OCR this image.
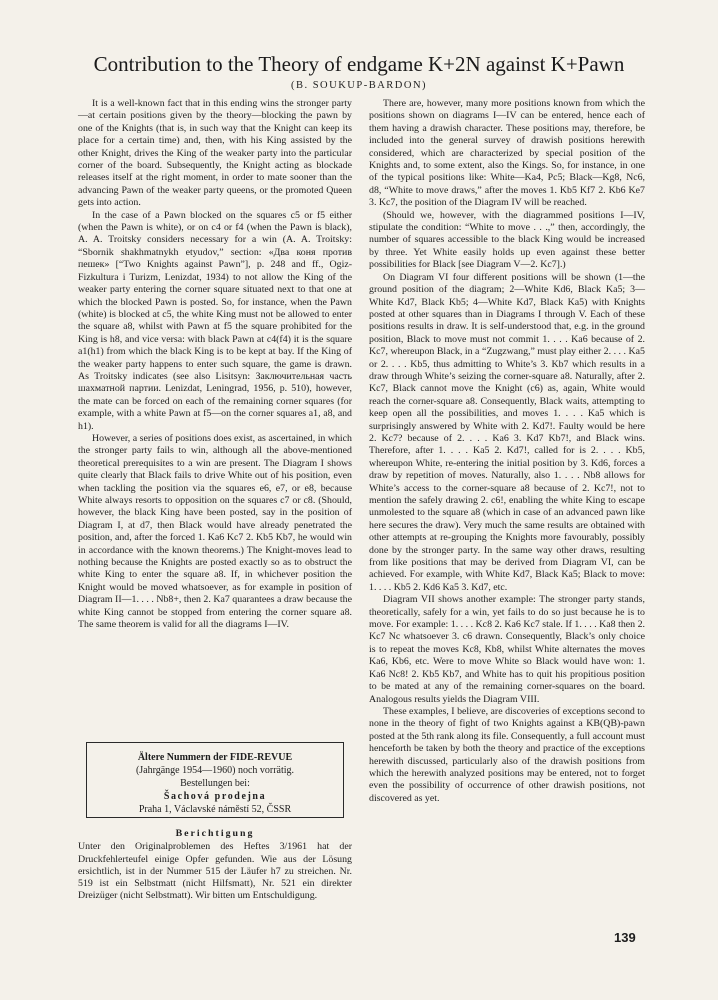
Contribution to the Theory of endgame K+2N against K+Pawn
(B. SOUKUP-BARDON)

It is a well-known fact that in this ending wins the stronger party—at certain positions given by the theory—blocking the pawn by one of the Knights (that is, in such way that the Knight can keep its place for a certain time) and, then, with his King assisted by the other Knight, drives the King of the weaker party into the particular corner of the board. Subsequently, the Knight acting as blockade releases itself at the right moment, in order to mate sooner than the advancing Pawn of the weaker party queens, or the promoted Queen gets into action.

In the case of a Pawn blocked on the squares c5 or f5 either (when the Pawn is white), or on c4 or f4 (when the Pawn is black), A. A. Troitsky considers necessary for a win (A. A. Troitsky: “Sbornik shakhmatnykh etyudov,” section: «Два коня против пешек» [“Two Knights against Pawn”], p. 248 and ff., Ogiz-Fizkultura i Turizm, Lenizdat, 1934) to not allow the King of the weaker party entering the corner square situated next to that one at which the blocked Pawn is posted. So, for instance, when the Pawn (white) is blocked at c5, the white King must not be allowed to enter the square a8, whilst with Pawn at f5 the square prohibited for the King is h8, and vice versa: with black Pawn at c4(f4) it is the square a1(h1) from which the black King is to be kept at bay. If the King of the weaker party happens to enter such square, the game is drawn. As Troitsky indicates (see also Lisitsyn: Заключительная часть шахматной партии. Lenizdat, Leningrad, 1956, p. 510), however, the mate can be forced on each of the remaining corner squares (for example, with a white Pawn at f5—on the corner squares a1, a8, and h1).

However, a series of positions does exist, as ascertained, in which the stronger party fails to win, although all the above-mentioned theoretical prerequisites to a win are present. The Diagram I shows quite clearly that Black fails to drive White out of his position, even when tackling the position via the squares e6, e7, or e8, because White always resorts to opposition on the squares c7 or c8. (Should, however, the black King have been posted, say in the position of Diagram I, at d7, then Black would have already penetrated the position, and, after the forced 1. Ka6 Kc7 2. Kb5 Kb7, he would win in accordance with the known theorems.) The Knight-moves lead to nothing because the Knights are posted exactly so as to obstruct the white King to enter the square a8. If, in whichever position the Knight would be moved whatsoever, as for example in position of Diagram II—1. . . . Nb8+, then 2. Ka7 quarantees a draw because the white King cannot be stopped from entering the corner square a8. The same theorem is valid for all the diagrams I—IV.

Ältere Nummern der FIDE-REVUE
(Jahrgänge 1954—1960) noch vorrätig.
Bestellungen bei:
Šachová prodejna
Praha 1, Václavské náměstí 52, ČSSR
Berichtigung

Unter den Originalproblemen des Heftes 3/1961 hat der Druckfehlerteufel einige Opfer gefunden. Wie aus der Lösung ersichtlich, ist in der Nummer 515 der Läufer h7 zu streichen. Nr. 519 ist ein Selbstmatt (nicht Hilfsmatt), Nr. 521 ein direkter Dreizüger (nicht Selbstmatt). Wir bitten um Entschuldigung.

There are, however, many more positions known from which the positions shown on diagrams I—IV can be entered, hence each of them having a drawish character. These positions may, therefore, be included into the general survey of drawish positions herewith considered, which are characterized by special position of the Knights and, to some extent, also the Kings. So, for instance, in one of the typical positions like: White—Ka4, Pc5; Black—Kg8, Nc6, d8, “White to move draws,” after the moves 1. Kb5 Kf7 2. Kb6 Ke7 3. Kc7, the position of the Diagram IV will be reached.

(Should we, however, with the diagrammed positions I—IV, stipulate the condition: “White to move . . .,” then, accordingly, the number of squares accessible to the black King would be increased by three. Yet White easily holds up even against these better possibilities for Black [see Diagram V—2. Kc7].)

On Diagram VI four different positions will be shown (1—the ground position of the diagram; 2—White Kd6, Black Ka5; 3—White Kd7, Black Kb5; 4—White Kd7, Black Ka5) with Knights posted at other squares than in Diagrams I through V. Each of these positions results in draw. It is self-understood that, e.g. in the ground position, Black to move must not commit 1. . . . Ka6 because of 2. Kc7, whereupon Black, in a “Zugzwang,” must play either 2. . . . Ka5 or 2. . . . Kb5, thus admitting to White’s 3. Kb7 which results in a draw through White’s seizing the corner-square a8. Naturally, after 2. Kc7, Black cannot move the Knight (c6) as, again, White would reach the corner-square a8. Consequently, Black waits, attempting to keep open all the possibilities, and moves 1. . . . Ka5 which is surprisingly answered by White with 2. Kd7!. Faulty would be here 2. Kc7? because of 2. . . . Ka6 3. Kd7 Kb7!, and Black wins. Therefore, after 1. . . . Ka5 2. Kd7!, called for is 2. . . . Kb5, whereupon White, re-entering the initial position by 3. Kd6, forces a draw by repetition of moves. Naturally, also 1. . . . Nb8 allows for White’s access to the corner-square a8 because of 2. Kc7!, not to mention the safely drawing 2. c6!, enabling the white King to escape unmolested to the square a8 (which in case of an advanced pawn like here secures the draw). Very much the same results are obtained with other attempts at re-grouping the Knights more favourably, possibly done by the stronger party. In the same way other draws, resulting from like positions that may be derived from Diagram VI, can be achieved. For example, with White Kd7, Black Ka5; Black to move: 1. . . . Kb5 2. Kd6 Ka5 3. Kd7, etc.

Diagram VII shows another example: The stronger party stands, theoretically, safely for a win, yet fails to do so just because he is to move. For example: 1. . . . Kc8 2. Ka6 Kc7 stale. If 1. . . . Ka8 then 2. Kc7 Nc whatsoever 3. c6 drawn. Consequently, Black’s only choice is to repeat the moves Kc8, Kb8, whilst White alternates the moves Ka6, Kb6, etc. Were to move White so Black would have won: 1. Ka6 Nc8! 2. Kb5 Kb7, and White has to quit his propitious position to be mated at any of the remaining corner-squares on the board. Analogous results yields the Diagram VIII.

These examples, I believe, are discoveries of exceptions second to none in the theory of fight of two Knights against a KB(QB)-pawn posted at the 5th rank along its file. Consequently, a full account must henceforth be taken by both the theory and practice of the exceptions herewith discussed, particularly also of the drawish positions from which the herewith analyzed positions may be entered, not to forget even the possibility of occurrence of other drawish positions, not discovered as yet.

139
